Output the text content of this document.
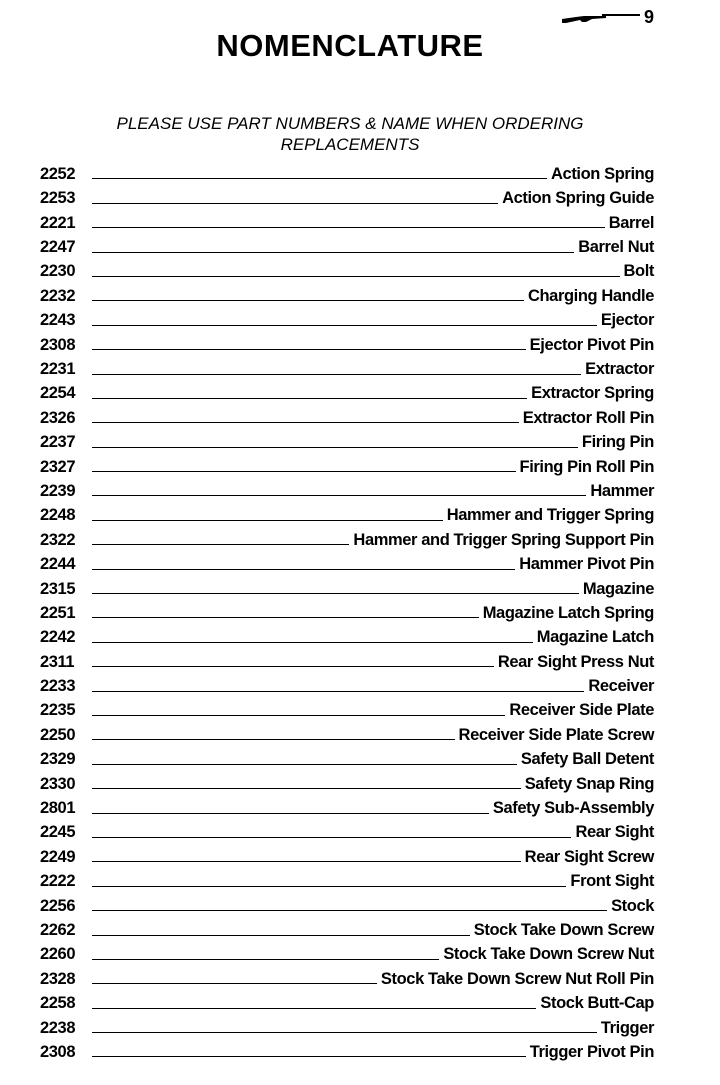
9
NOMENCLATURE
PLEASE USE PART NUMBERS & NAME WHEN ORDERING
REPLACEMENTS
2252	Action Spring
2253	Action Spring Guide
2221	Barrel
2247	Barrel Nut
2230	Bolt
2232	Charging Handle
2243	Ejector
2308	Ejector Pivot Pin
2231	Extractor
2254	Extractor Spring
2326	Extractor Roll Pin
2237	Firing Pin
2327	Firing Pin Roll Pin
2239	Hammer
2248	Hammer and Trigger Spring
2322	Hammer and Trigger Spring Support Pin
2244	Hammer Pivot Pin
2315	Magazine
2251	Magazine Latch Spring
2242	Magazine Latch
2311	Rear Sight Press Nut
2233	Receiver
2235	Receiver Side Plate
2250	Receiver Side Plate Screw
2329	Safety Ball Detent
2330	Safety Snap Ring
2801	Safety Sub-Assembly
2245	Rear Sight
2249	Rear Sight Screw
2222	Front Sight
2256	Stock
2262	Stock Take Down Screw
2260	Stock Take Down Screw Nut
2328	Stock Take Down Screw Nut Roll Pin
2258	Stock Butt-Cap
2238	Trigger
2308	Trigger Pivot Pin
